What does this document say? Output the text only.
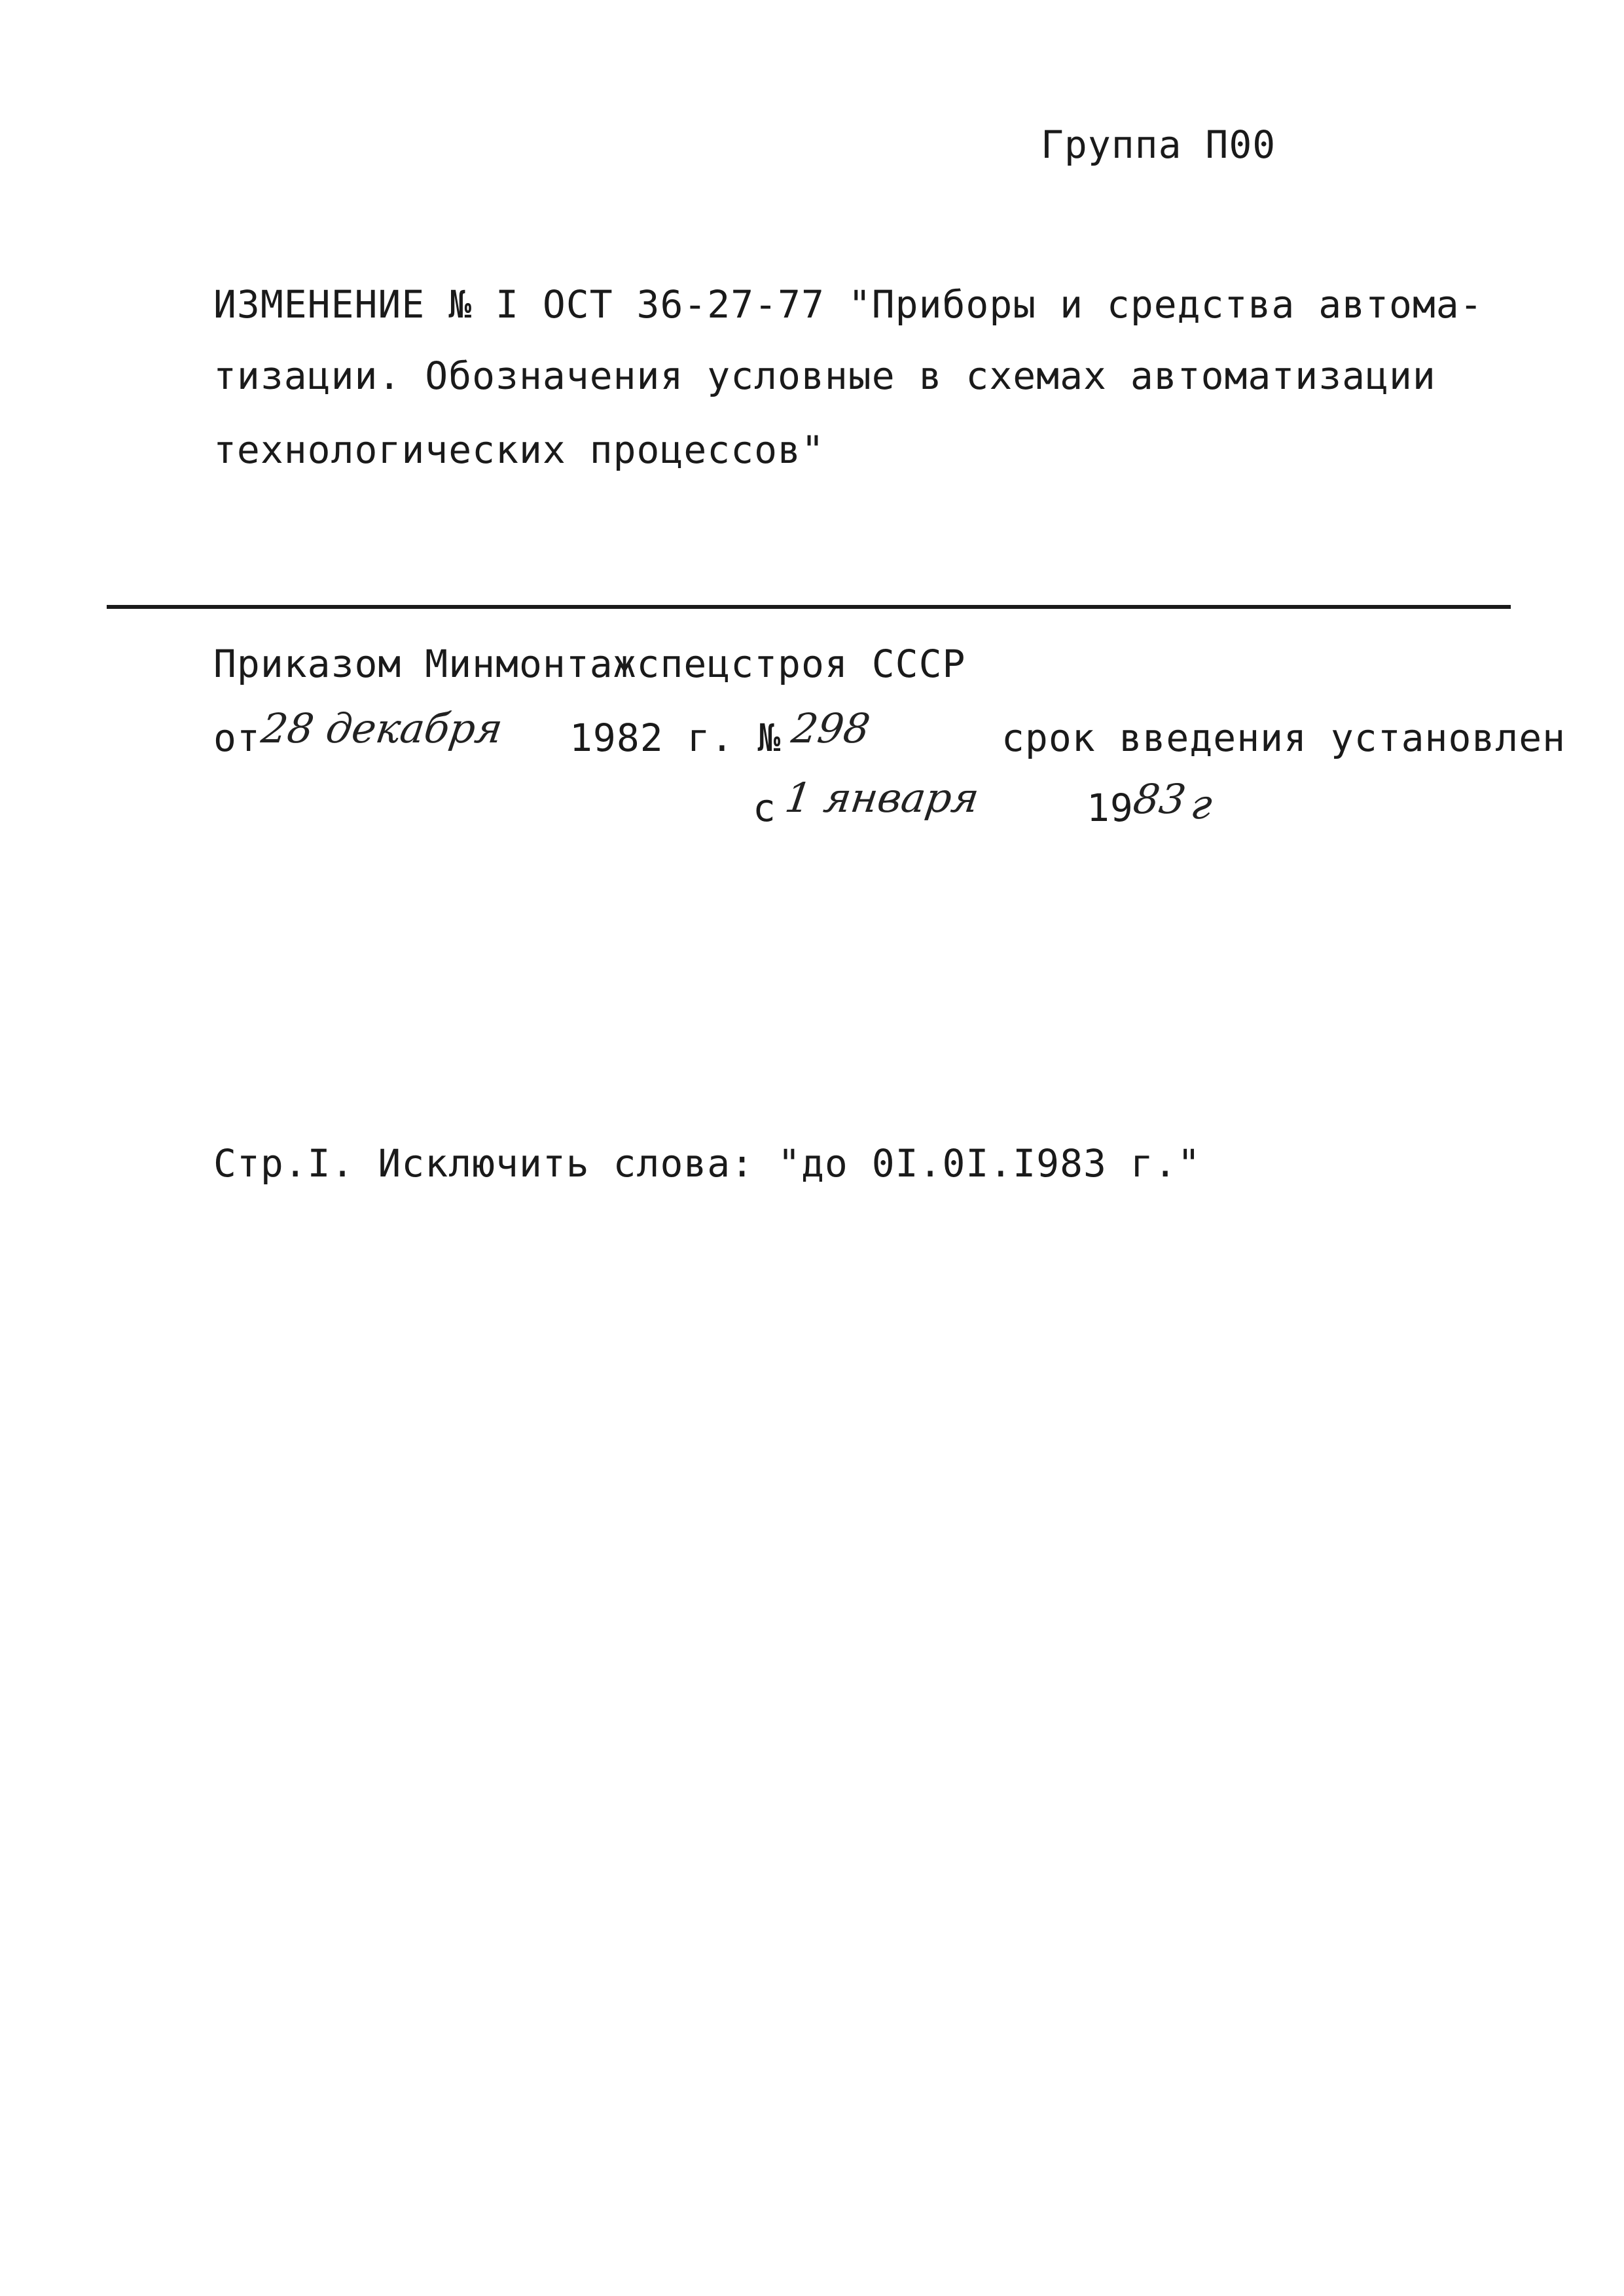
Группа П00
ИЗМЕНЕНИЕ № I ОСТ 36-27-77 "Приборы и средства автома-
тизации. Обозначения условные в схемах автоматизации
технологических процессов"
Приказом Минмонтажспецстроя СССР
от
28 декабря 1982 г. № 298	срок введения установлен
с 1 января	19
83
г
Стр.I. Исключить слова: "до 0I.0I.I983 г."
